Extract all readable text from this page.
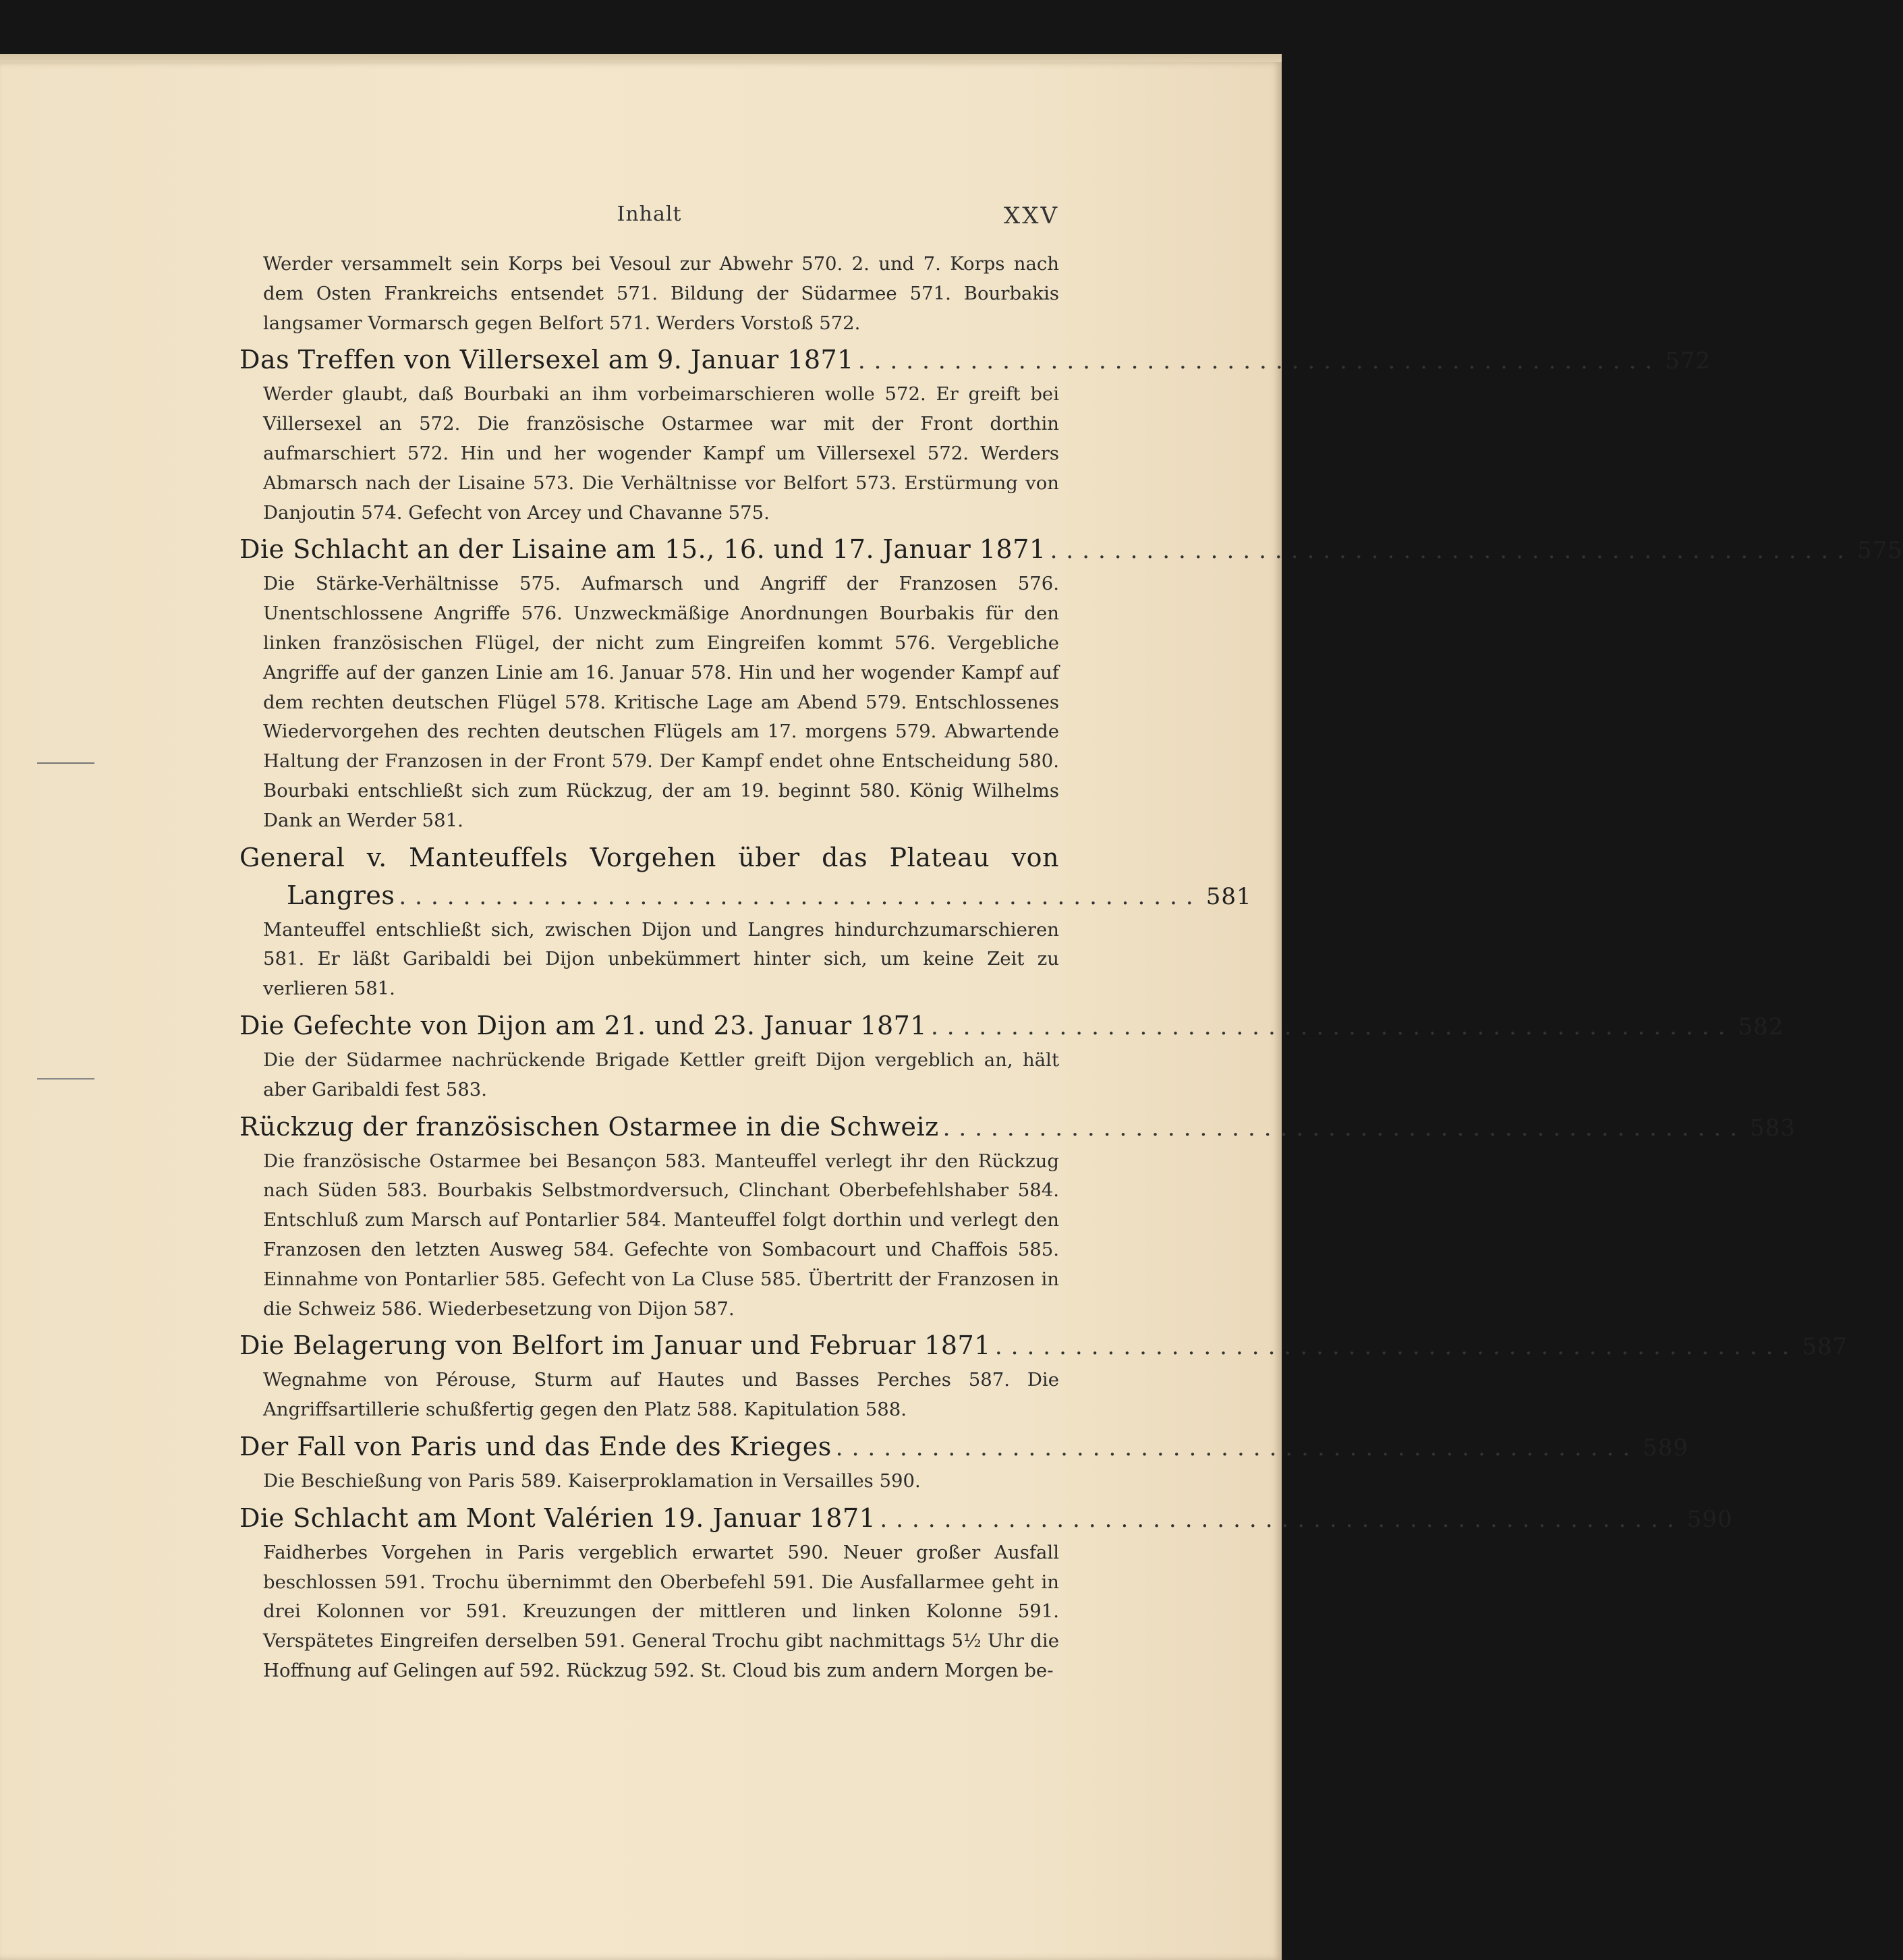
Inhalt	XXV

Werder versammelt sein Korps bei Vesoul zur Abwehr 570. 2. und 7. Korps nach dem Osten Frankreichs entsendet 571. Bildung der Südarmee 571. Bourbakis langsamer Vormarsch gegen Belfort 571. Werders Vorstoß 572.

Das Treffen von Villersexel am 9. Januar 1871 .................................................. 572

Werder glaubt, daß Bourbaki an ihm vorbeimarschieren wolle 572. Er greift bei Villersexel an 572. Die französische Ostarmee war mit der Front dorthin aufmarschiert 572. Hin und her wogender Kampf um Villersexel 572. Werders Abmarsch nach der Lisaine 573. Die Verhältnisse vor Belfort 573. Erstürmung von Danjoutin 574. Gefecht von Arcey und Chavanne 575.

Die Schlacht an der Lisaine am 15., 16. und 17. Januar 1871 .................................................. 575

Die Stärke-Verhältnisse 575. Aufmarsch und Angriff der Franzosen 576. Unentschlossene Angriffe 576. Unzweckmäßige Anordnungen Bourbakis für den linken französischen Flügel, der nicht zum Eingreifen kommt 576. Vergebliche Angriffe auf der ganzen Linie am 16. Januar 578. Hin und her wogender Kampf auf dem rechten deutschen Flügel 578. Kritische Lage am Abend 579. Entschlossenes Wiedervorgehen des rechten deutschen Flügels am 17. morgens 579. Abwartende Haltung der Franzosen in der Front 579. Der Kampf endet ohne Entscheidung 580. Bourbaki entschließt sich zum Rückzug, der am 19. beginnt 580. König Wilhelms Dank an Werder 581.

General v. Manteuffels Vorgehen über das Plateau von
Langres .................................................. 581

Manteuffel entschließt sich, zwischen Dijon und Langres hindurchzumarschieren 581. Er läßt Garibaldi bei Dijon unbekümmert hinter sich, um keine Zeit zu verlieren 581.

Die Gefechte von Dijon am 21. und 23. Januar 1871 .................................................. 582

Die der Südarmee nachrückende Brigade Kettler greift Dijon vergeblich an, hält aber Garibaldi fest 583.

Rückzug der französischen Ostarmee in die Schweiz .................................................. 583

Die französische Ostarmee bei Besançon 583. Manteuffel verlegt ihr den Rückzug nach Süden 583. Bourbakis Selbstmordversuch, Clinchant Oberbefehlshaber 584. Entschluß zum Marsch auf Pontarlier 584. Manteuffel folgt dorthin und verlegt den Franzosen den letzten Ausweg 584. Gefechte von Sombacourt und Chaffois 585. Einnahme von Pontarlier 585. Gefecht von La Cluse 585. Übertritt der Franzosen in die Schweiz 586. Wiederbesetzung von Dijon 587.

Die Belagerung von Belfort im Januar und Februar 1871 .................................................. 587

Wegnahme von Pérouse, Sturm auf Hautes und Basses Perches 587. Die Angriffsartillerie schußfertig gegen den Platz 588. Kapitulation 588.

Der Fall von Paris und das Ende des Krieges .................................................. 589

Die Beschießung von Paris 589. Kaiserproklamation in Versailles 590.

Die Schlacht am Mont Valérien 19. Januar 1871 .................................................. 590

Faidherbes Vorgehen in Paris vergeblich erwartet 590. Neuer großer Ausfall beschlossen 591. Trochu übernimmt den Oberbefehl 591. Die Ausfallarmee geht in drei Kolonnen vor 591. Kreuzungen der mittleren und linken Kolonne 591. Verspätetes Eingreifen derselben 591. General Trochu gibt nachmittags 5½ Uhr die Hoffnung auf Gelingen auf 592. Rückzug 592. St. Cloud bis zum andern Morgen be-
